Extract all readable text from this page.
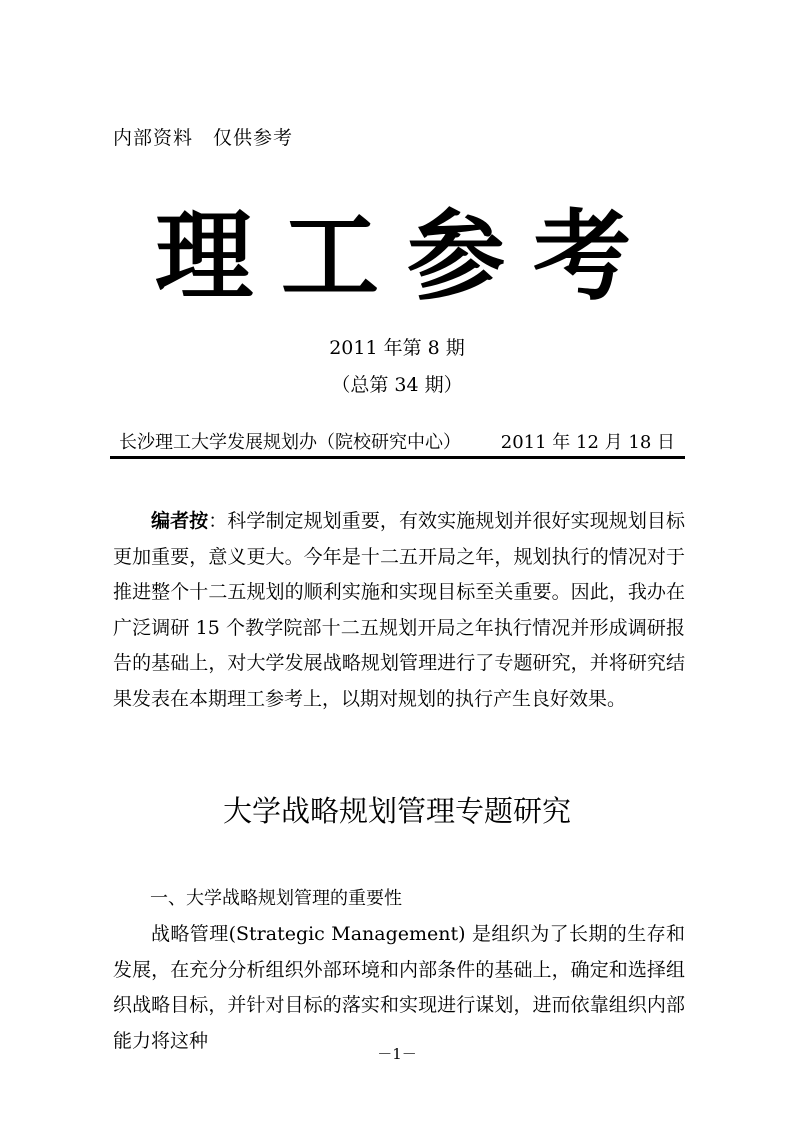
内部资料　仅供参考
理工参考
2011 年第 8 期
（总第 34 期）
长沙理工大学发展规划办（院校研究中心） 2011 年 12 月 18 日
编者按：科学制定规划重要，有效实施规划并很好实现规划目标更加重要，意义更大。今年是十二五开局之年，规划执行的情况对于推进整个十二五规划的顺利实施和实现目标至关重要。因此，我办在广泛调研 15 个教学院部十二五规划开局之年执行情况并形成调研报告的基础上，对大学发展战略规划管理进行了专题研究，并将研究结果发表在本期理工参考上，以期对规划的执行产生良好效果。
大学战略规划管理专题研究
一、大学战略规划管理的重要性
战略管理(Strategic Management) 是组织为了长期的生存和发展，在充分分析组织外部环境和内部条件的基础上，确定和选择组织战略目标，并针对目标的落实和实现进行谋划，进而依靠组织内部能力将这种
－1－
